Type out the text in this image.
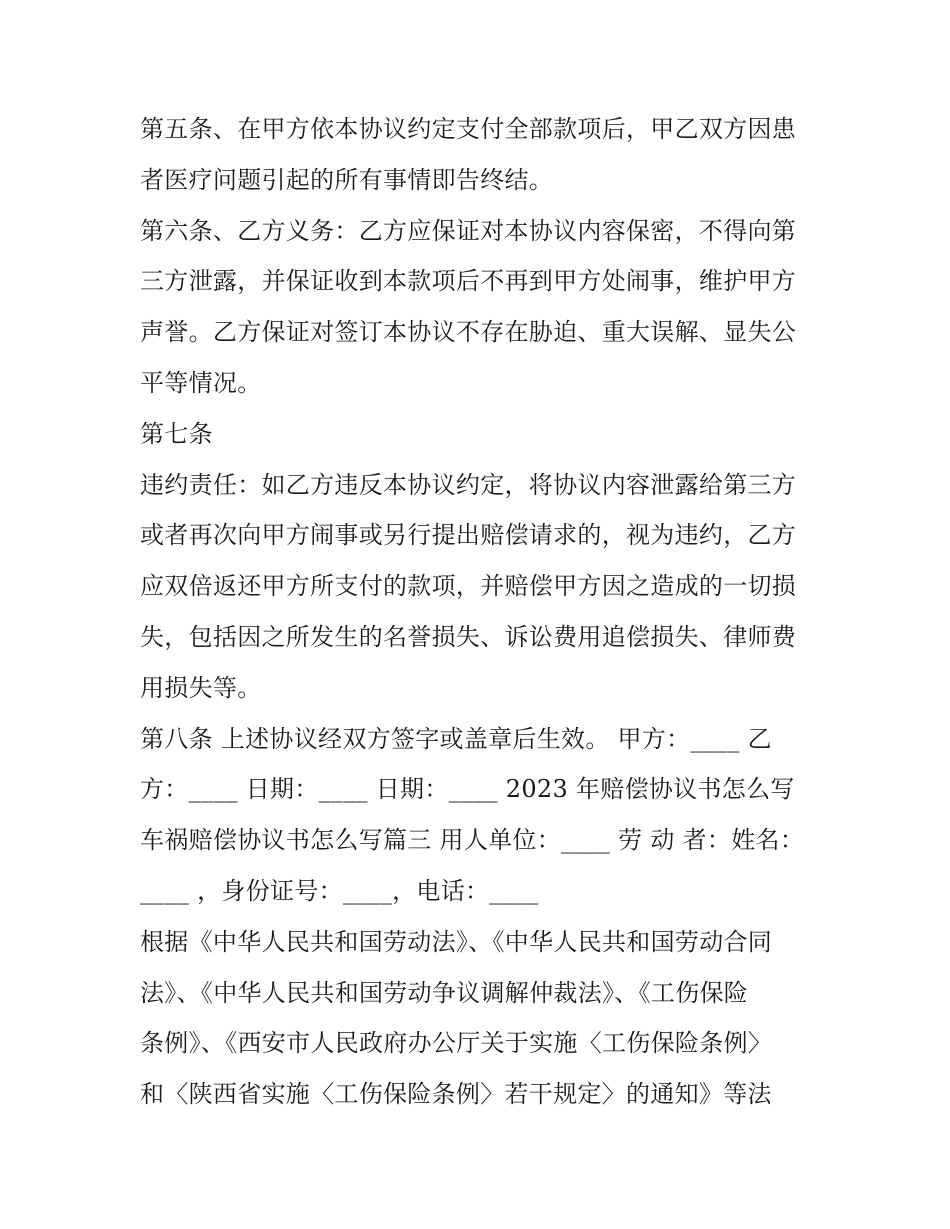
第五条、在甲方依本协议约定支付全部款项后，甲乙双方因患
者医疗问题引起的所有事情即告终结。
第六条、乙方义务：乙方应保证对本协议内容保密，不得向第
三方泄露，并保证收到本款项后不再到甲方处闹事，维护甲方
声誉。乙方保证对签订本协议不存在胁迫、重大误解、显失公
平等情况。
第七条
违约责任：如乙方违反本协议约定，将协议内容泄露给第三方
或者再次向甲方闹事或另行提出赔偿请求的，视为违约，乙方
应双倍返还甲方所支付的款项，并赔偿甲方因之造成的一切损
失，包括因之所发生的名誉损失、诉讼费用追偿损失、律师费
用损失等。
第八条 上述协议经双方签字或盖章后生效。 甲方：____ 乙
方：____ 日期：____ 日期：____ 2023 年赔偿协议书怎么写
车祸赔偿协议书怎么写篇三 用人单位：____ 劳 动 者：姓名：
____ ，身份证号：____，电话：____
根据《中华人民共和国劳动法》、《中华人民共和国劳动合同
法》、《中华人民共和国劳动争议调解仲裁法》、《工伤保险
条例》、《西安市人民政府办公厅关于实施〈工伤保险条例〉
和〈陕西省实施〈工伤保险条例〉若干规定〉的通知》等法
